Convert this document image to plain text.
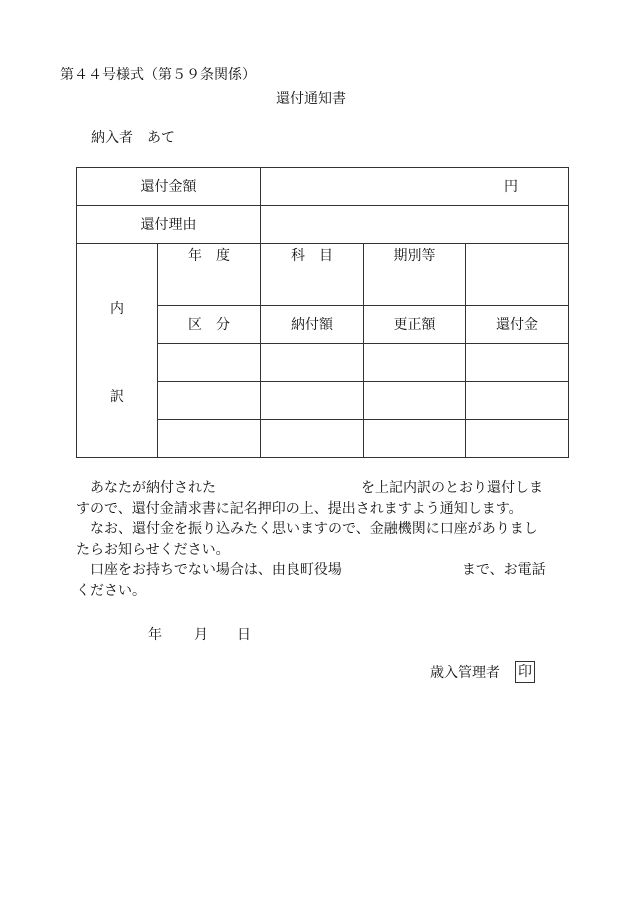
第４４号様式（第５９条関係）
還付通知書
納入者　あて
還付金額		円		
還付理由				

内
訳	年　度	科　目	期別等	
	区　分	納付額	更正額	還付金

あなたが納付された	を上記内訳のとおり還付しま

すので、還付金請求書に記名押印の上、提出されますよう通知します。

なお、還付金を振り込みたく思いますので、金融機関に口座がありまし

たらお知らせください。

口座をお持ちでない場合は、由良町役場	まで、お電話

ください。

年 月 日
歳入管理者 印
